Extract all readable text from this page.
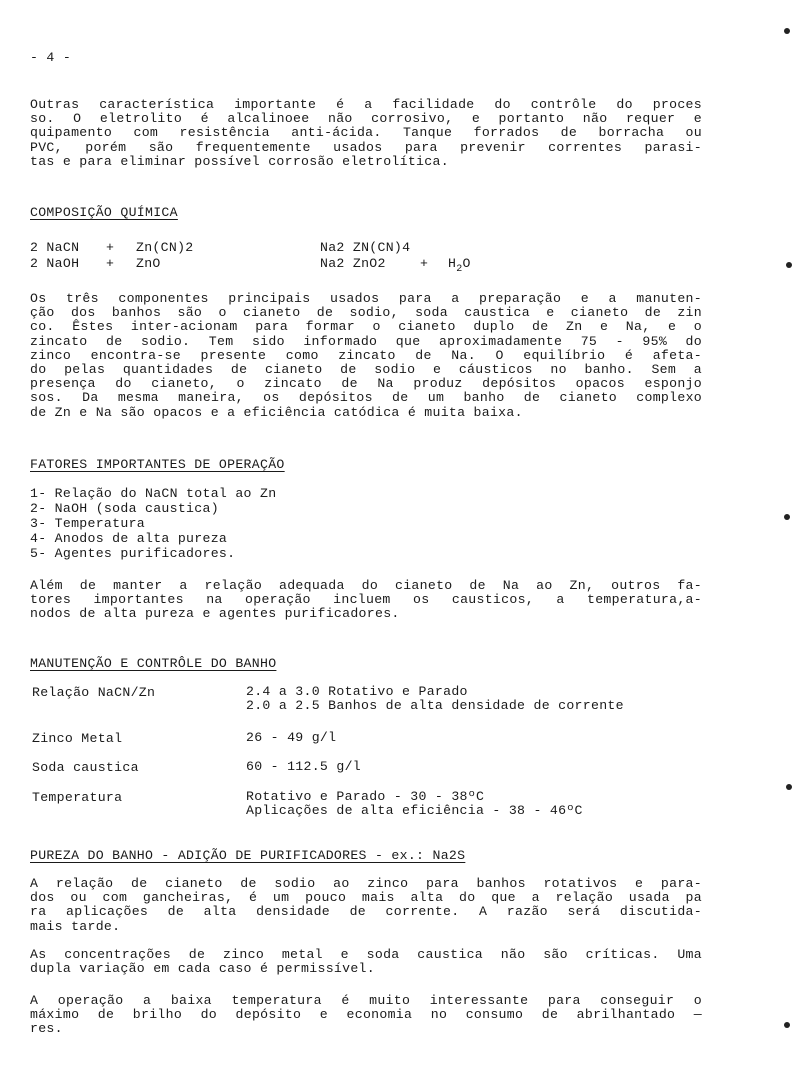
- 4 -
Outras característica importante é a facilidade do contrôle do proces
so. O eletrolito é alcalinoee não corrosivo, e portanto não requer e
quipamento com resistência anti-ácida. Tanque forrados de borracha ou
PVC, porém são frequentemente usados para prevenir correntes parasi-
tas e para eliminar possível corrosão eletrolítica.
COMPOSIÇÃO QUÍMICA
2 NaCN + Zn(CN)2	Na2 ZN(CN)4
2 NaOH + ZnO	Na2 ZnO2	+ $H_2O$
Os três componentes principais usados para a preparação e a manuten-
ção dos banhos são o cianeto de sodio, soda caustica e cianeto de zin
co. Êstes inter-acionam para formar o cianeto duplo de Zn e Na, e o
zincato de sodio. Tem sido informado que aproximadamente 75 - 95% do
zinco encontra-se presente como zincato de Na. O equilíbrio é afeta-
do pelas quantidades de cianeto de sodio e cáusticos no banho. Sem a
presença do cianeto, o zincato de Na produz depósitos opacos esponjo
sos. Da mesma maneira, os depósitos de um banho de cianeto complexo
de Zn e Na são opacos e a eficiência catódica é muita baixa.
FATORES IMPORTANTES DE OPERAÇÃO
1- Relação do NaCN total ao Zn
2- NaOH (soda caustica)
3- Temperatura
4- Anodos de alta pureza
5- Agentes purificadores.
Além de manter a relação adequada do cianeto de Na ao Zn, outros fa-
tores importantes na operação incluem os causticos, a temperatura,a-
nodos de alta pureza e agentes purificadores.
MANUTENÇÃO E CONTRÔLE DO BANHO
Relação NaCN/Zn	2.4 a 3.0 Rotativo e Parado
2.0 a 2.5 Banhos de alta densidade de corrente
Zinco Metal	26 - 49 g/l
Soda caustica	60 - 112.5 g/l
Temperatura	Rotativo e Parado - 30 - 38ºC
Aplicações de alta eficiência - 38 - 46ºC
PUREZA DO BANHO - ADIÇÃO DE PURIFICADORES - ex.: Na2S
A relação de cianeto de sodio ao zinco para banhos rotativos e para-
dos ou com gancheiras, é um pouco mais alta do que a relação usada pa
ra aplicações de alta densidade de corrente. A razão será discutida-
mais tarde.
As concentrações de zinco metal e soda caustica não são críticas. Uma
dupla variação em cada caso é permissível.
A operação a baixa temperatura é muito interessante para conseguir o
máximo de brilho do depósito e economia no consumo de abrilhantado —
res.
